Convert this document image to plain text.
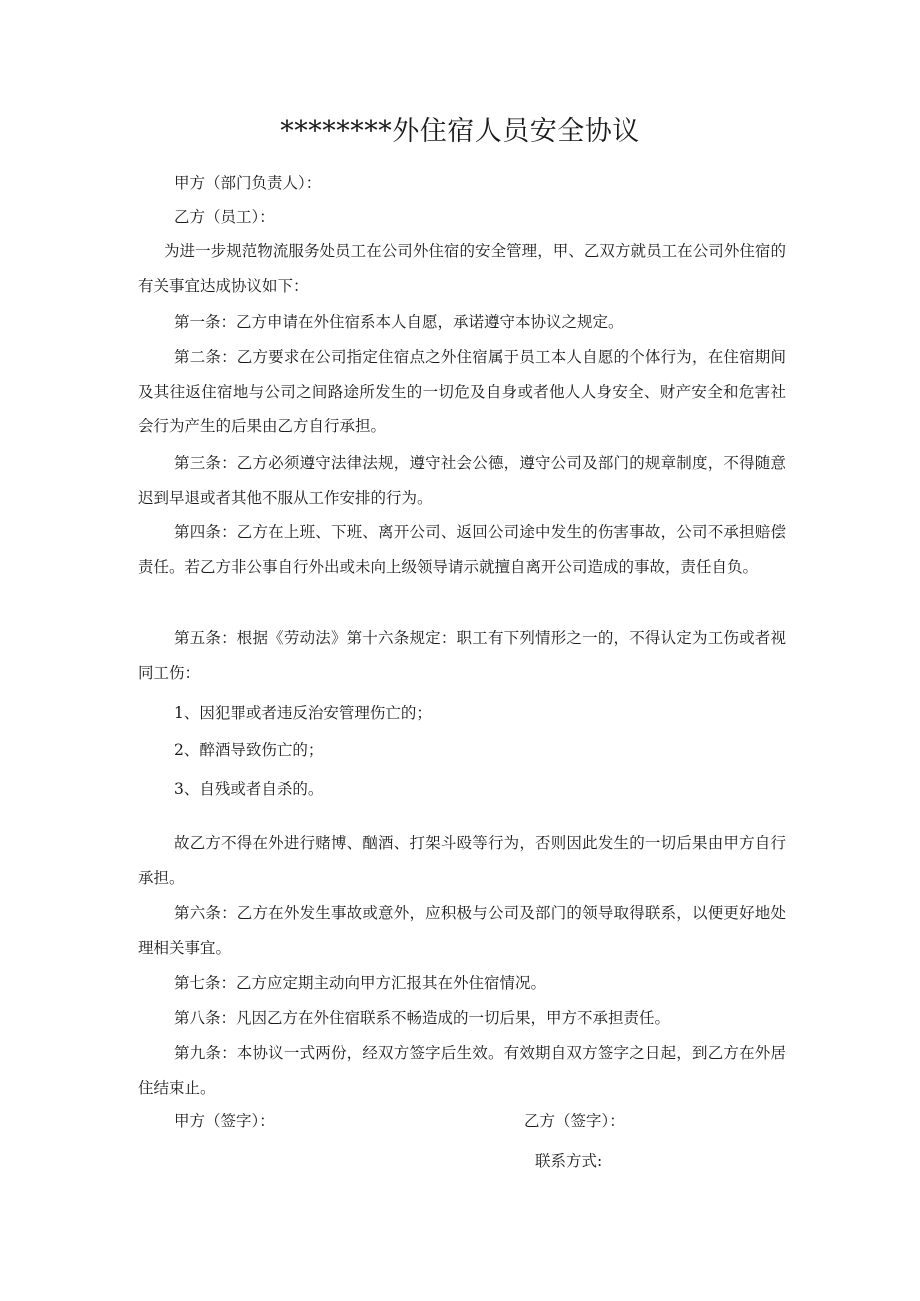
********外住宿人员安全协议

甲方（部门负责人）：

乙方（员工）：

为进一步规范物流服务处员工在公司外住宿的安全管理，甲、乙双方就员工在公司外住宿的有关事宜达成协议如下：

第一条：乙方申请在外住宿系本人自愿，承诺遵守本协议之规定。

第二条：乙方要求在公司指定住宿点之外住宿属于员工本人自愿的个体行为，在住宿期间及其往返住宿地与公司之间路途所发生的一切危及自身或者他人人身安全、财产安全和危害社会行为产生的后果由乙方自行承担。

第三条：乙方必须遵守法律法规，遵守社会公德，遵守公司及部门的规章制度，不得随意迟到早退或者其他不服从工作安排的行为。

第四条：乙方在上班、下班、离开公司、返回公司途中发生的伤害事故，公司不承担赔偿责任。若乙方非公事自行外出或未向上级领导请示就擅自离开公司造成的事故，责任自负。

第五条：根据《劳动法》第十六条规定：职工有下列情形之一的，不得认定为工伤或者视同工伤：

1、因犯罪或者违反治安管理伤亡的；
2、醉酒导致伤亡的；
3、自残或者自杀的。

故乙方不得在外进行赌博、酗酒、打架斗殴等行为，否则因此发生的一切后果由甲方自行承担。

第六条：乙方在外发生事故或意外，应积极与公司及部门的领导取得联系，以便更好地处理相关事宜。

第七条：乙方应定期主动向甲方汇报其在外住宿情况。

第八条：凡因乙方在外住宿联系不畅造成的一切后果，甲方不承担责任。

第九条：本协议一式两份，经双方签字后生效。有效期自双方签字之日起，到乙方在外居住结束止。

甲方（签字）：	乙方（签字）：
联系方式:
